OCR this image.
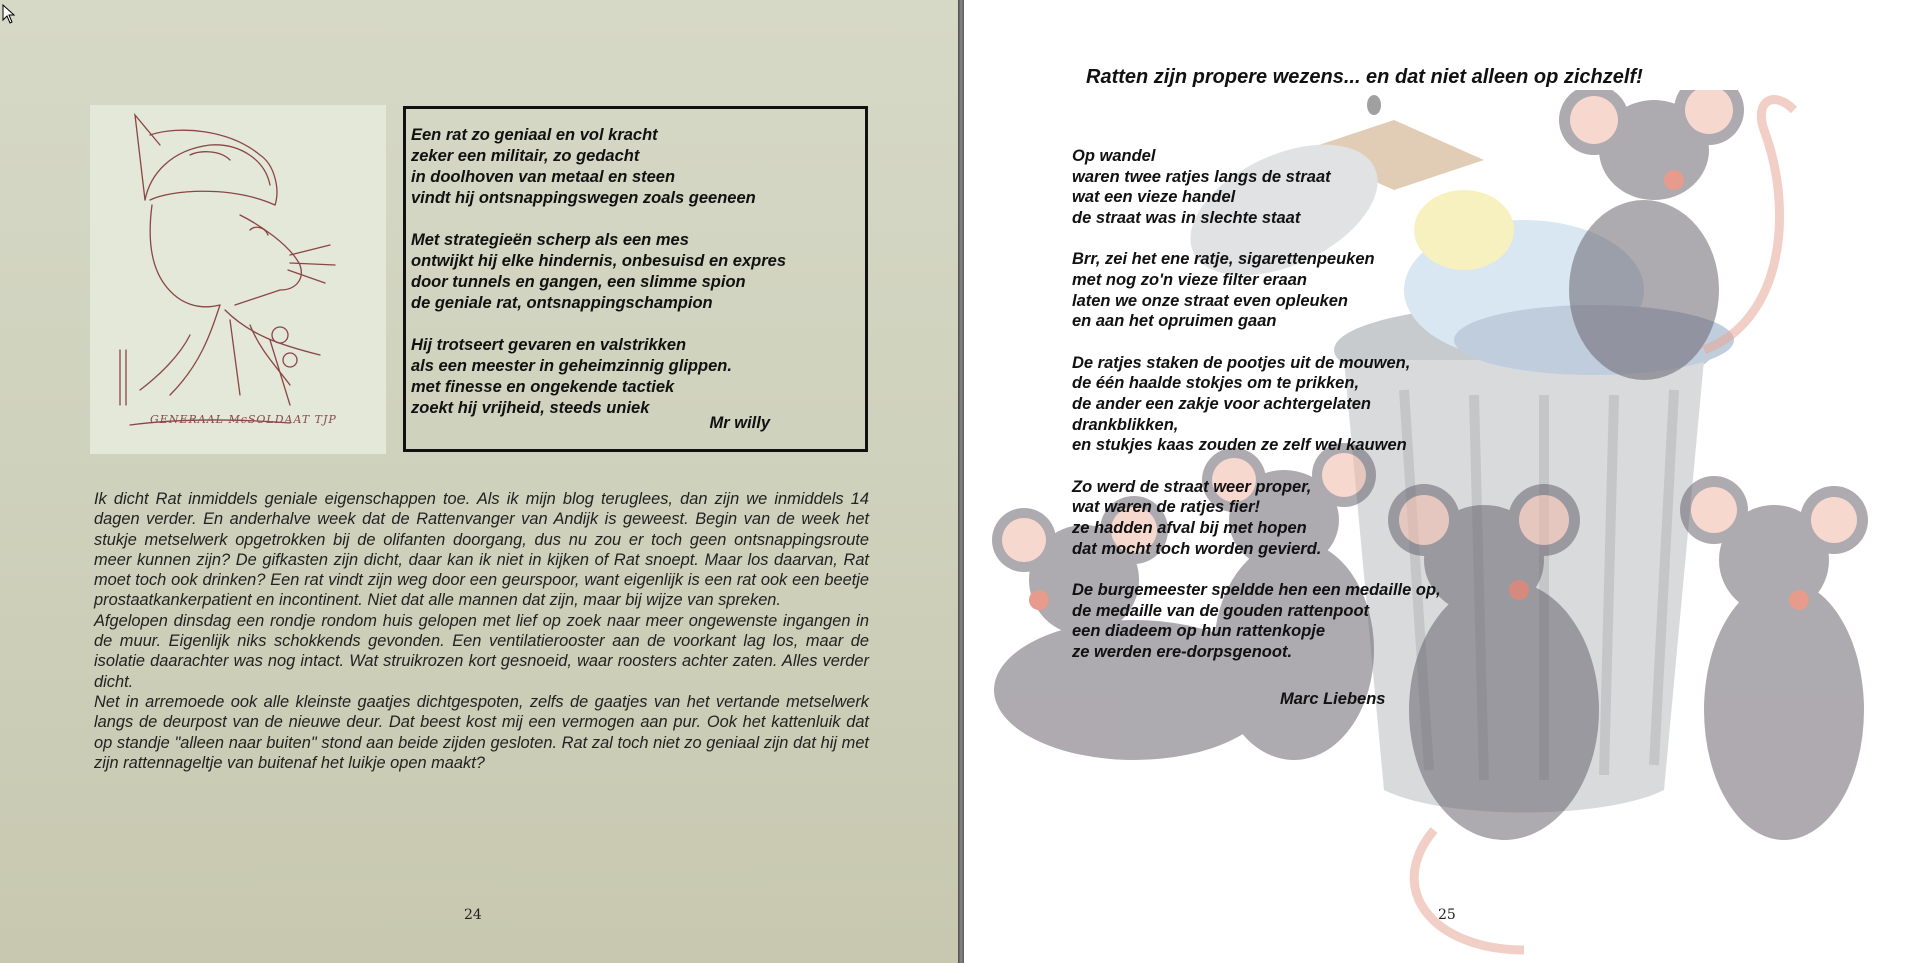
GENERAAL McSOLDAAT TJP
Een rat zo geniaal en vol kracht
zeker een militair, zo gedacht
in doolhoven van metaal en steen
vindt hij ontsnappingswegen zoals geeneen
Met strategieën scherp als een mes
ontwijkt hij elke hindernis, onbesuisd en expres
door tunnels en gangen, een slimme spion
de geniale rat, ontsnappingschampion
Hij trotseert gevaren en valstrikken
als een meester in geheimzinnig glippen.
met finesse en ongekende tactiek
zoekt hij vrijheid, steeds uniek
Mr willy

Ik dicht Rat inmiddels geniale eigenschappen toe. Als ik mijn blog teruglees, dan zijn we inmiddels 14 dagen verder. En anderhalve week dat de Rattenvanger van Andijk is geweest. Begin van de week het stukje metselwerk opgetrokken bij de olifanten doorgang, dus nu zou er toch geen ontsnappingsroute meer kunnen zijn? De gifkasten zijn dicht, daar kan ik niet in kijken of Rat snoept. Maar los daarvan, Rat moet toch ook drinken? Een rat vindt zijn weg door een geurspoor, want eigenlijk is een rat ook een beetje prostaatkankerpatient en incontinent. Niet dat alle mannen dat zijn, maar bij wijze van spreken.

Afgelopen dinsdag een rondje rondom huis gelopen met lief op zoek naar meer ongewenste ingangen in de muur. Eigenlijk niks schokkends gevonden. Een ventilatierooster aan de voorkant lag los, maar de isolatie daarachter was nog intact. Wat struikrozen kort gesnoeid, waar roosters achter zaten. Alles verder dicht.

Net in arremoede ook alle kleinste gaatjes dichtgespoten, zelfs de gaatjes van het vertande metselwerk langs de deurpost van de nieuwe deur. Dat beest kost mij een vermogen aan pur. Ook het kattenluik dat op standje "alleen naar buiten" stond aan beide zijden gesloten. Rat zal toch niet zo geniaal zijn dat hij met zijn rattennageltje van buitenaf het luikje open maakt?

24
Ratten zijn propere wezens... en dat niet alleen op zichzelf!
Op wandel
waren twee ratjes langs de straat
wat een vieze handel
de straat was in slechte staat
Brr, zei het ene ratje, sigarettenpeuken
met nog zo'n vieze filter eraan
laten we onze straat even opleuken
en aan het opruimen gaan
De ratjes staken de pootjes uit de mouwen,
de één haalde stokjes om te prikken,
de ander een zakje voor achtergelaten
drankblikken,
en stukjes kaas zouden ze zelf wel kauwen
Zo werd de straat weer proper,
wat waren de ratjes fier!
ze hadden afval bij met hopen
dat mocht toch worden gevierd.
De burgemeester speldde hen een medaille op,
de medaille van de gouden rattenpoot
een diadeem op hun rattenkopje
ze werden ere-dorpsgenoot.
Marc Liebens
25
